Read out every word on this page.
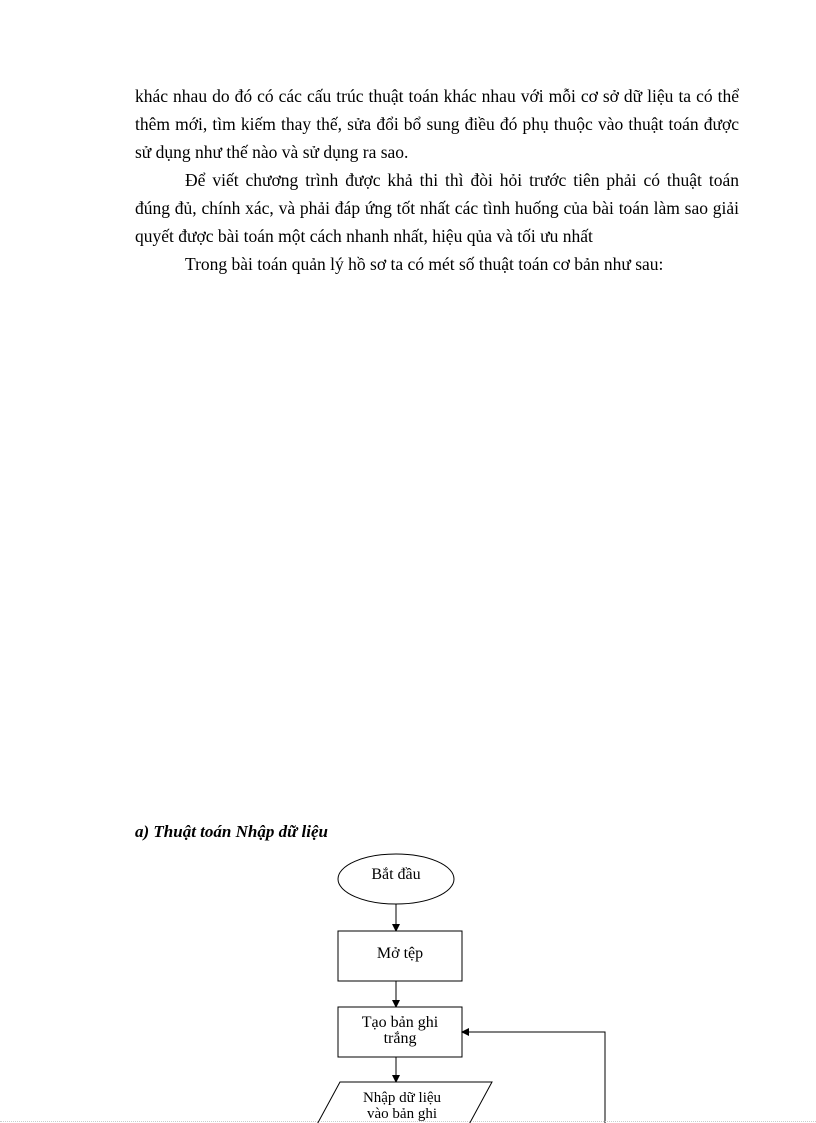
khác nhau do đó có các cấu trúc thuật toán khác nhau với mỗi cơ sở dữ liệu ta có thể thêm mới, tìm kiếm thay thế, sửa đổi bổ sung điều đó phụ thuộc vào thuật toán được sử dụng như thế nào và sử dụng ra sao.
Để viết chương trình được khả thi thì đòi hỏi trước tiên phải có thuật toán đúng đủ, chính xác, và phải đáp ứng tốt nhất các tình huống của bài toán làm sao giải quyết được bài toán một cách nhanh nhất, hiệu qủa và tối ưu nhất
Trong bài toán quản lý hồ sơ ta có mét số thuật toán cơ bản như sau:
a) Thuật toán Nhập dữ liệu
Bắt đầu
Mở tệp
Tạo bản ghi
trắng
Nhập dữ liệu
vào bản ghi
